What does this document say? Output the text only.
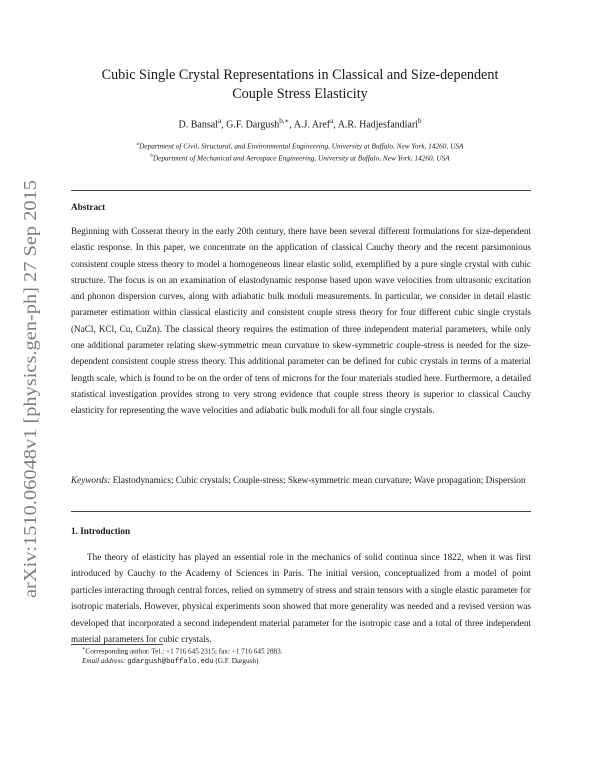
arXiv:1510.06048v1 [physics.gen-ph] 27 Sep 2015
Cubic Single Crystal Representations in Classical and Size-dependent
Couple Stress Elasticity
D. Bansal$^a$, G.F. Dargush$^{b,∗}$, A.J. Aref$^a$, A.R. Hadjesfandiari$^b$
$^a$Department of Civil, Structural, and Environmental Engineering, University at Buffalo, New York, 14260, USA
$^b$Department of Mechanical and Aerospace Engineering, University at Buffalo, New York, 14260, USA
Abstract
Beginning with Cosserat theory in the early 20th century, there have been several different formulations for size-dependent elastic response. In this paper, we concentrate on the application of classical Cauchy theory and the recent parsimonious consistent couple stress theory to model a homogeneous linear elastic solid, exemplified by a pure single crystal with cubic structure. The focus is on an examination of elastodynamic response based upon wave velocities from ultrasonic excitation and phonon dispersion curves, along with adiabatic bulk moduli measurements. In particular, we consider in detail elastic parameter estimation within classical elasticity and consistent couple stress theory for four different cubic single crystals (NaCl, KCl, Cu, CuZn). The classical theory requires the estimation of three independent material parameters, while only one additional parameter relating skew-symmetric mean curvature to skew-symmetric couple-stress is needed for the size-dependent consistent couple stress theory. This additional parameter can be defined for cubic crystals in terms of a material length scale, which is found to be on the order of tens of microns for the four materials studied here. Furthermore, a detailed statistical investigation provides strong to very strong evidence that couple stress theory is superior to classical Cauchy elasticity for representing the wave velocities and adiabatic bulk moduli for all four single crystals.
Keywords: Elastodynamics; Cubic crystals; Couple-stress; Skew-symmetric mean curvature; Wave propagation; Dispersion
1. Introduction
The theory of elasticity has played an essential role in the mechanics of solid continua since 1822, when it was first introduced by Cauchy to the Academy of Sciences in Paris. The initial version, conceptualized from a model of point particles interacting through central forces, relied on symmetry of stress and strain tensors with a single elastic parameter for isotropic materials. However, physical experiments soon showed that more generality was needed and a revised version was developed that incorporated a second independent material parameter for the isotropic case and a total of three independent material parameters for cubic crystals.
∗Corresponding author. Tel.: +1 716 645 2315; fax: +1 716 645 2883.
Email address: gdargush@buffalo.edu (G.F. Dargush)
